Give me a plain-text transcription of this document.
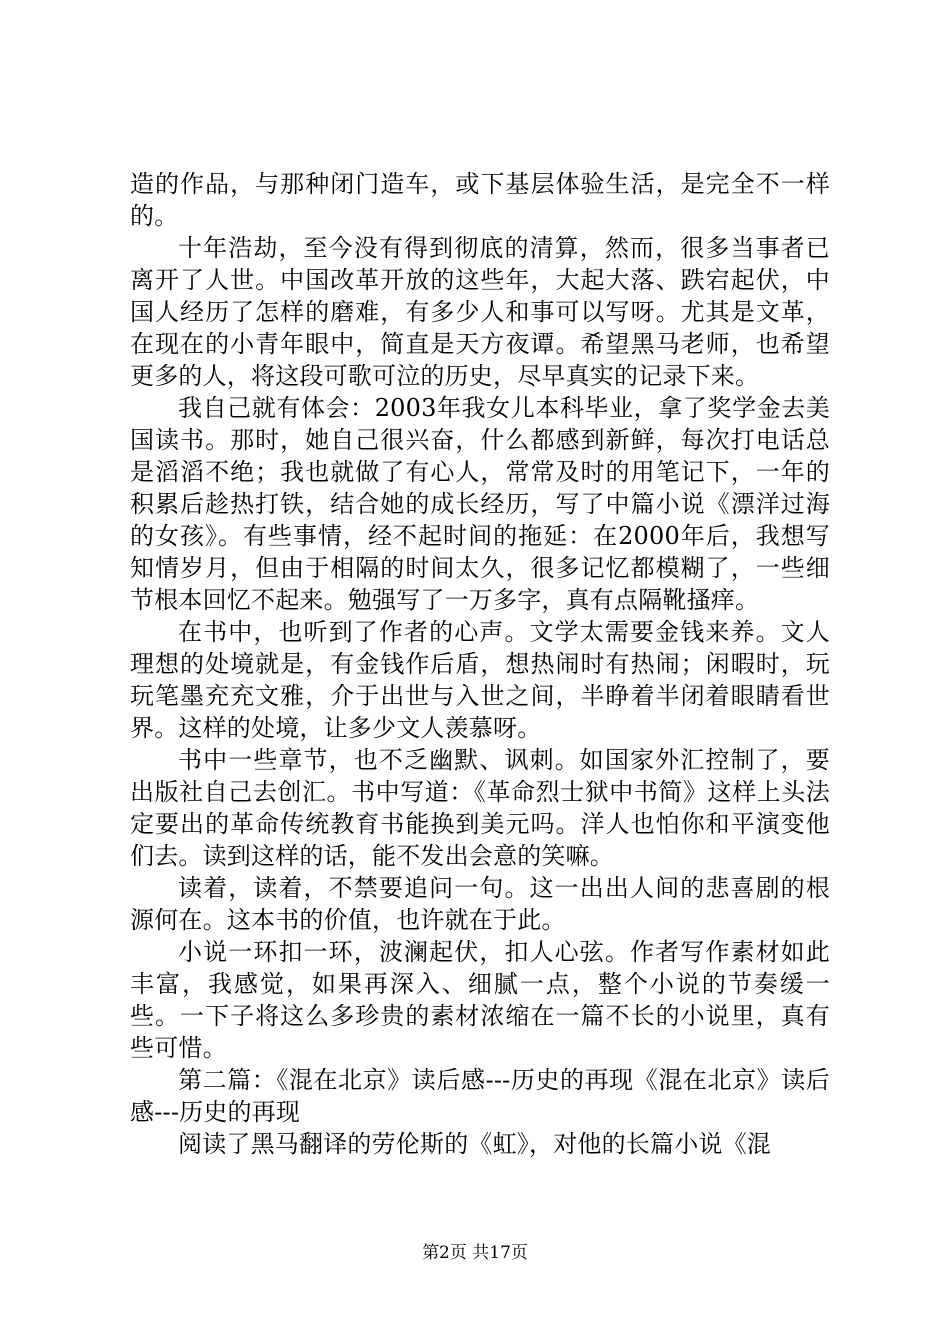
造的作品，与那种闭门造车，或下基层体验生活，是完全不一样的。

十年浩劫，至今没有得到彻底的清算，然而，很多当事者已离开了人世。中国改革开放的这些年，大起大落、跌宕起伏，中国人经历了怎样的磨难，有多少人和事可以写呀。尤其是文革，在现在的小青年眼中，简直是天方夜谭。希望黑马老师，也希望更多的人，将这段可歌可泣的历史，尽早真实的记录下来。

我自己就有体会：2003年我女儿本科毕业，拿了奖学金去美国读书。那时，她自己很兴奋，什么都感到新鲜，每次打电话总是滔滔不绝；我也就做了有心人，常常及时的用笔记下，一年的积累后趁热打铁，结合她的成长经历，写了中篇小说《漂洋过海的女孩》。有些事情，经不起时间的拖延：在2000年后，我想写知情岁月，但由于相隔的时间太久，很多记忆都模糊了，一些细节根本回忆不起来。勉强写了一万多字，真有点隔靴搔痒。

在书中，也听到了作者的心声。文学太需要金钱来养。文人理想的处境就是，有金钱作后盾，想热闹时有热闹；闲暇时，玩玩笔墨充充文雅，介于出世与入世之间，半睁着半闭着眼睛看世界。这样的处境，让多少文人羡慕呀。

书中一些章节，也不乏幽默、讽刺。如国家外汇控制了，要出版社自己去创汇。书中写道：《革命烈士狱中书简》这样上头法定要出的革命传统教育书能换到美元吗。洋人也怕你和平演变他们去。读到这样的话，能不发出会意的笑嘛。

读着，读着，不禁要追问一句。这一出出人间的悲喜剧的根源何在。这本书的价值，也许就在于此。

小说一环扣一环，波澜起伏，扣人心弦。作者写作素材如此丰富，我感觉，如果再深入、细腻一点，整个小说的节奏缓一些。一下子将这么多珍贵的素材浓缩在一篇不长的小说里，真有些可惜。

第二篇：《混在北京》读后感---历史的再现《混在北京》读后感---历史的再现

阅读了黑马翻译的劳伦斯的《虹》，对他的长篇小说《混

第2页 共17页
